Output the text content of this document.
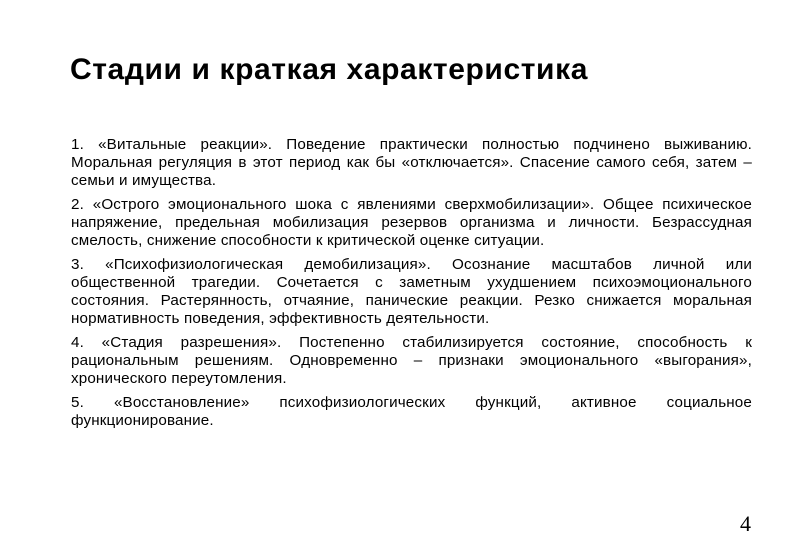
Стадии и краткая характеристика

1. «Витальные реакции». Поведение практически полностью подчинено выживанию. Моральная регуляция в этот период как бы «отключается». Спасение самого себя, затем – семьи и имущества.

2. «Острого эмоционального шока с явлениями сверхмобилизации». Общее психическое напряжение, предельная мобилизация резервов организма и личности. Безрассудная смелость, снижение способности к критической оценке ситуации.

3. «Психофизиологическая демобилизация». Осознание масштабов личной или общественной трагедии. Сочетается с заметным ухудшением психоэмоционального состояния. Растерянность, отчаяние, панические реакции. Резко снижается моральная нормативность поведения, эффективность деятельности.

4. «Стадия разрешения». Постепенно стабилизируется состояние, способность к рациональным решениям. Одновременно – признаки эмоционального «выгорания», хронического переутомления.

5. «Восстановление» психофизиологических функций, активное социальное функционирование.

4
